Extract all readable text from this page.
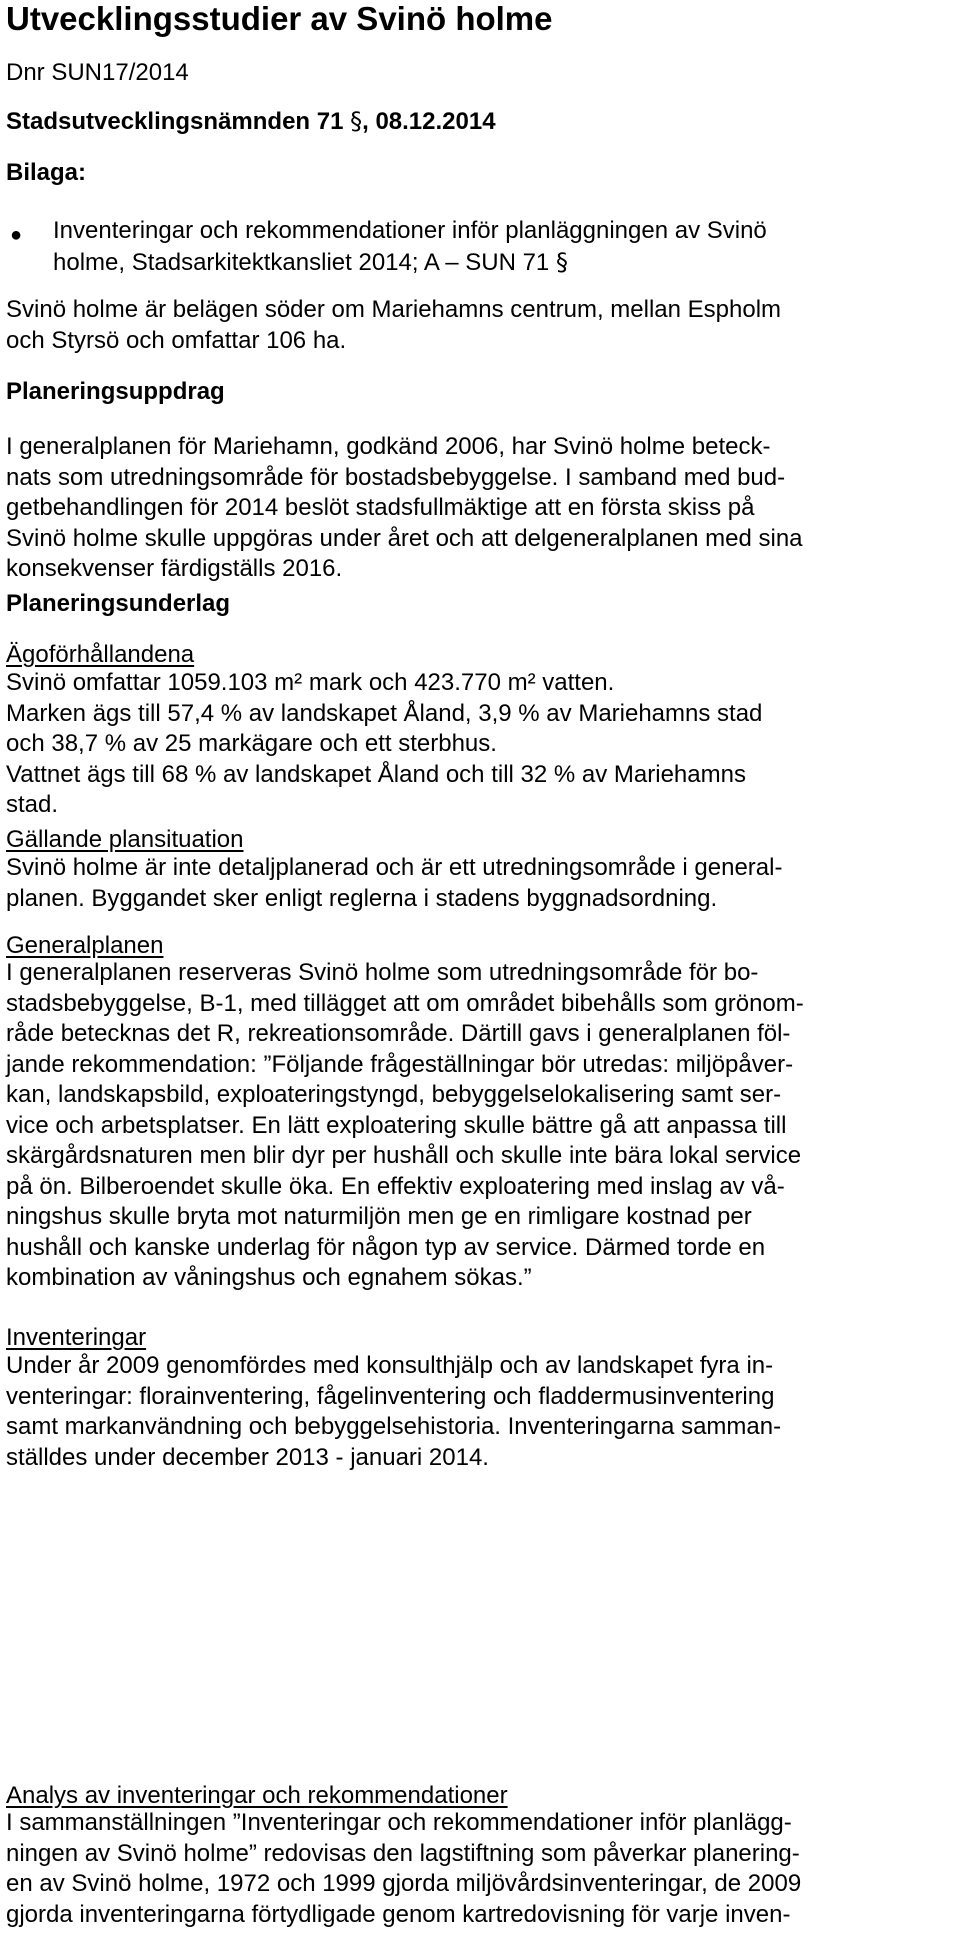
Utvecklingsstudier av Svinö holme

Dnr SUN17/2014

Stadsutvecklingsnämnden 71 §, 08.12.2014

Bilaga:

● Inventeringar och rekommendationer inför planläggningen av Svinö

holme, Stadsarkitektkansliet 2014; A – SUN 71 §

Svinö holme är belägen söder om Mariehamns centrum, mellan Espholm

och Styrsö och omfattar 106 ha.

Planeringsuppdrag

I generalplanen för Mariehamn, godkänd 2006, har Svinö holme beteck-

nats som utredningsområde för bostadsbebyggelse. I samband med bud-

getbehandlingen för 2014 beslöt stadsfullmäktige att en första skiss på

Svinö holme skulle uppgöras under året och att delgeneralplanen med sina

konsekvenser färdigställs 2016.

Planeringsunderlag

Ägoförhållandena

Svinö omfattar 1059.103 m² mark och 423.770 m² vatten.

Marken ägs till 57,4 % av landskapet Åland, 3,9 % av Mariehamns stad

och 38,7 % av 25 markägare och ett sterbhus.

Vattnet ägs till 68 % av landskapet Åland och till 32 % av Mariehamns

stad.

Gällande plansituation

Svinö holme är inte detaljplanerad och är ett utredningsområde i general-

planen. Byggandet sker enligt reglerna i stadens byggnadsordning.

Generalplanen

I generalplanen reserveras Svinö holme som utredningsområde för bo-

stadsbebyggelse, B-1, med tillägget att om området bibehålls som grönom-

råde betecknas det R, rekreationsområde. Därtill gavs i generalplanen föl-

jande rekommendation: ”Följande frågeställningar bör utredas: miljöpåver-

kan, landskapsbild, exploateringstyngd, bebyggelselokalisering samt ser-

vice och arbetsplatser. En lätt exploatering skulle bättre gå att anpassa till

skärgårdsnaturen men blir dyr per hushåll och skulle inte bära lokal service

på ön. Bilberoendet skulle öka. En effektiv exploatering med inslag av vå-

ningshus skulle bryta mot naturmiljön men ge en rimligare kostnad per

hushåll och kanske underlag för någon typ av service. Därmed torde en

kombination av våningshus och egnahem sökas.”

Inventeringar

Under år 2009 genomfördes med konsulthjälp och av landskapet fyra in-

venteringar: florainventering, fågelinventering och fladdermusinventering

samt markanvändning och bebyggelsehistoria. Inventeringarna samman-

ställdes under december 2013 - januari 2014.

Analys av inventeringar och rekommendationer

I sammanställningen ”Inventeringar och rekommendationer inför planlägg-

ningen av Svinö holme” redovisas den lagstiftning som påverkar planering-

en av Svinö holme, 1972 och 1999 gjorda miljövårdsinventeringar, de 2009

gjorda inventeringarna förtydligade genom kartredovisning för varje inven-
